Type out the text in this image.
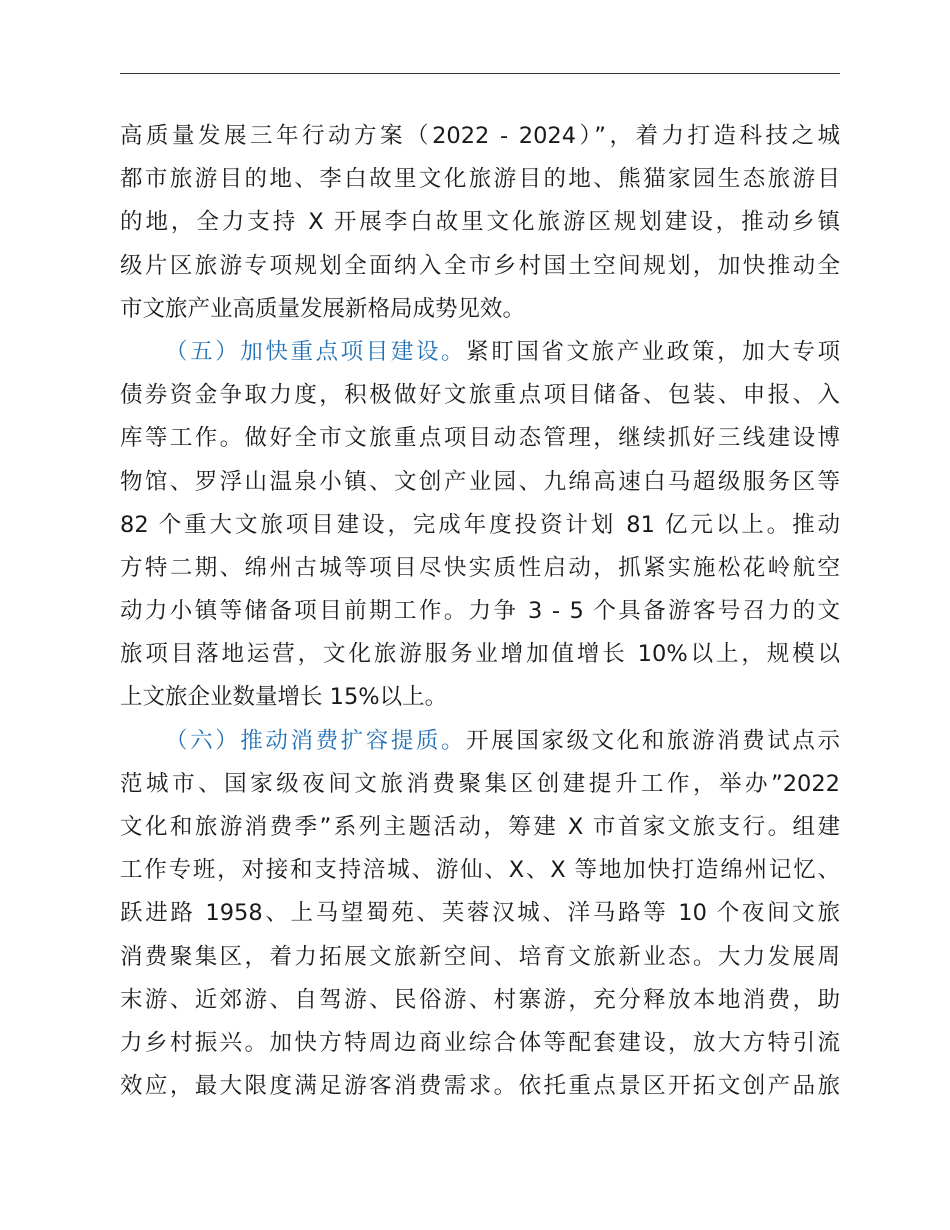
高质量发展三年行动方案（2022 - 2024）”，着力打造科技之城
都市旅游目的地、李白故里文化旅游目的地、熊猫家园生态旅游目
的地，全力支持 X 开展李白故里文化旅游区规划建设，推动乡镇
级片区旅游专项规划全面纳入全市乡村国土空间规划，加快推动全
市文旅产业高质量发展新格局成势见效。
（五）加快重点项目建设。紧盯国省文旅产业政策，加大专项
债券资金争取力度，积极做好文旅重点项目储备、包装、申报、入
库等工作。做好全市文旅重点项目动态管理，继续抓好三线建设博
物馆、罗浮山温泉小镇、文创产业园、九绵高速白马超级服务区等
82 个重大文旅项目建设，完成年度投资计划 81 亿元以上。推动
方特二期、绵州古城等项目尽快实质性启动，抓紧实施松花岭航空
动力小镇等储备项目前期工作。力争 3 - 5 个具备游客号召力的文
旅项目落地运营，文化旅游服务业增加值增长 10%以上，规模以
上文旅企业数量增长 15%以上。
（六）推动消费扩容提质。开展国家级文化和旅游消费试点示
范城市、国家级夜间文旅消费聚集区创建提升工作，举办”2022
文化和旅游消费季”系列主题活动，筹建 X 市首家文旅支行。组建
工作专班，对接和支持涪城、游仙、X、X 等地加快打造绵州记忆、
跃进路 1958、上马望蜀苑、芙蓉汉城、洋马路等 10 个夜间文旅
消费聚集区，着力拓展文旅新空间、培育文旅新业态。大力发展周
末游、近郊游、自驾游、民俗游、村寨游，充分释放本地消费，助
力乡村振兴。加快方特周边商业综合体等配套建设，放大方特引流
效应，最大限度满足游客消费需求。依托重点景区开拓文创产品旅
